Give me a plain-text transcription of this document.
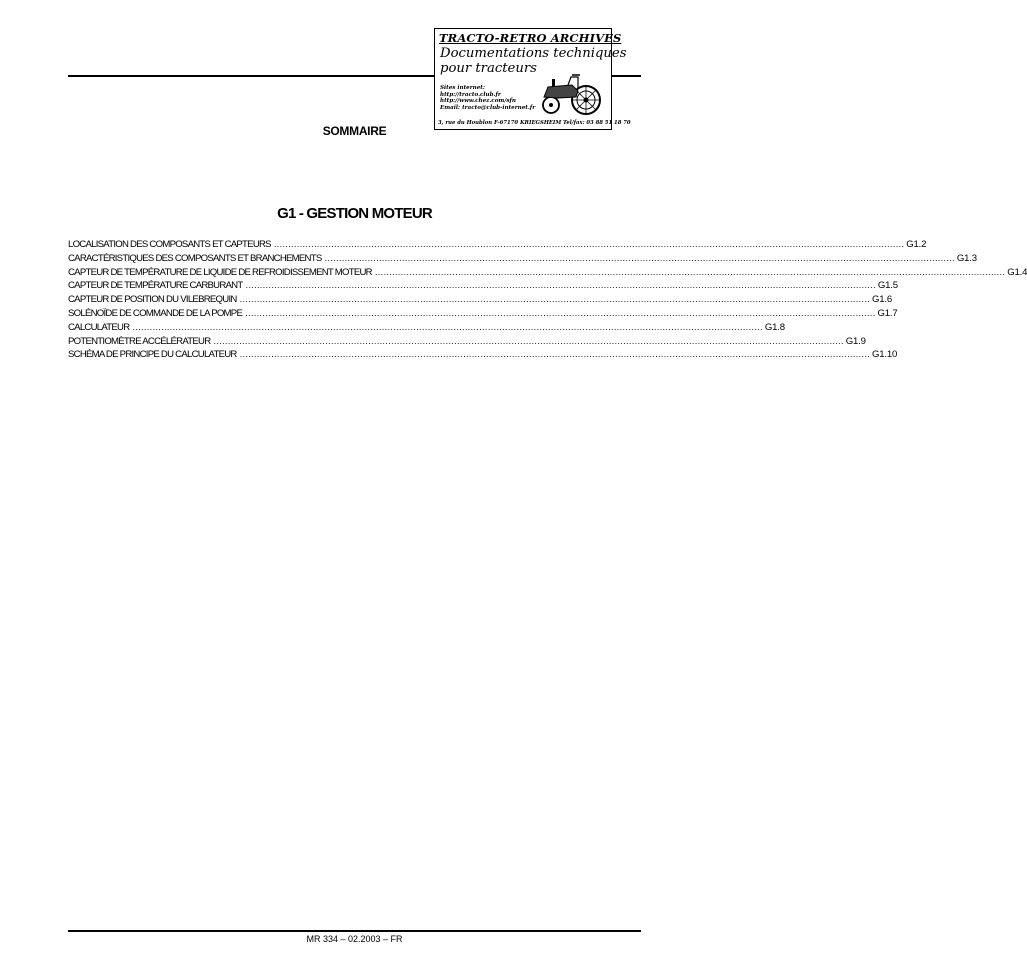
TRACTO-RETRO ARCHIVES
Documentations techniques
pour tracteurs
Sites internet:
http://tracto.club.fr
http://www.chez.com/sfn
Email: tracto@club-internet.fr
3, rue du Houblon F-67170 KRIEGSHEIM Tel/fax: 03 88 51 18 70
SOMMAIRE
G1 - GESTION MOTEUR
LOCALISATION DES COMPOSANTS ET CAPTEURS ............................................................................................................................................................................................................................ G1.2
CARACTÉRISTIQUES DES COMPOSANTS ET BRANCHEMENTS ............................................................................................................................................................................................................................ G1.3
CAPTEUR DE TEMPÉRATURE DE LIQUIDE DE REFROIDISSEMENT MOTEUR ............................................................................................................................................................................................................................ G1.4
CAPTEUR DE TEMPÉRATURE CARBURANT ............................................................................................................................................................................................................................ G1.5
CAPTEUR DE POSITION DU VILEBREQUIN ............................................................................................................................................................................................................................ G1.6
SOLÉNOÏDE DE COMMANDE DE LA POMPE ............................................................................................................................................................................................................................ G1.7
CALCULATEUR ............................................................................................................................................................................................................................ G1.8
POTENTIOMÈTRE ACCÉLÉRATEUR ............................................................................................................................................................................................................................ G1.9
SCHÉMA DE PRINCIPE DU CALCULATEUR ............................................................................................................................................................................................................................ G1.10
MR 334 – 02.2003 – FR
